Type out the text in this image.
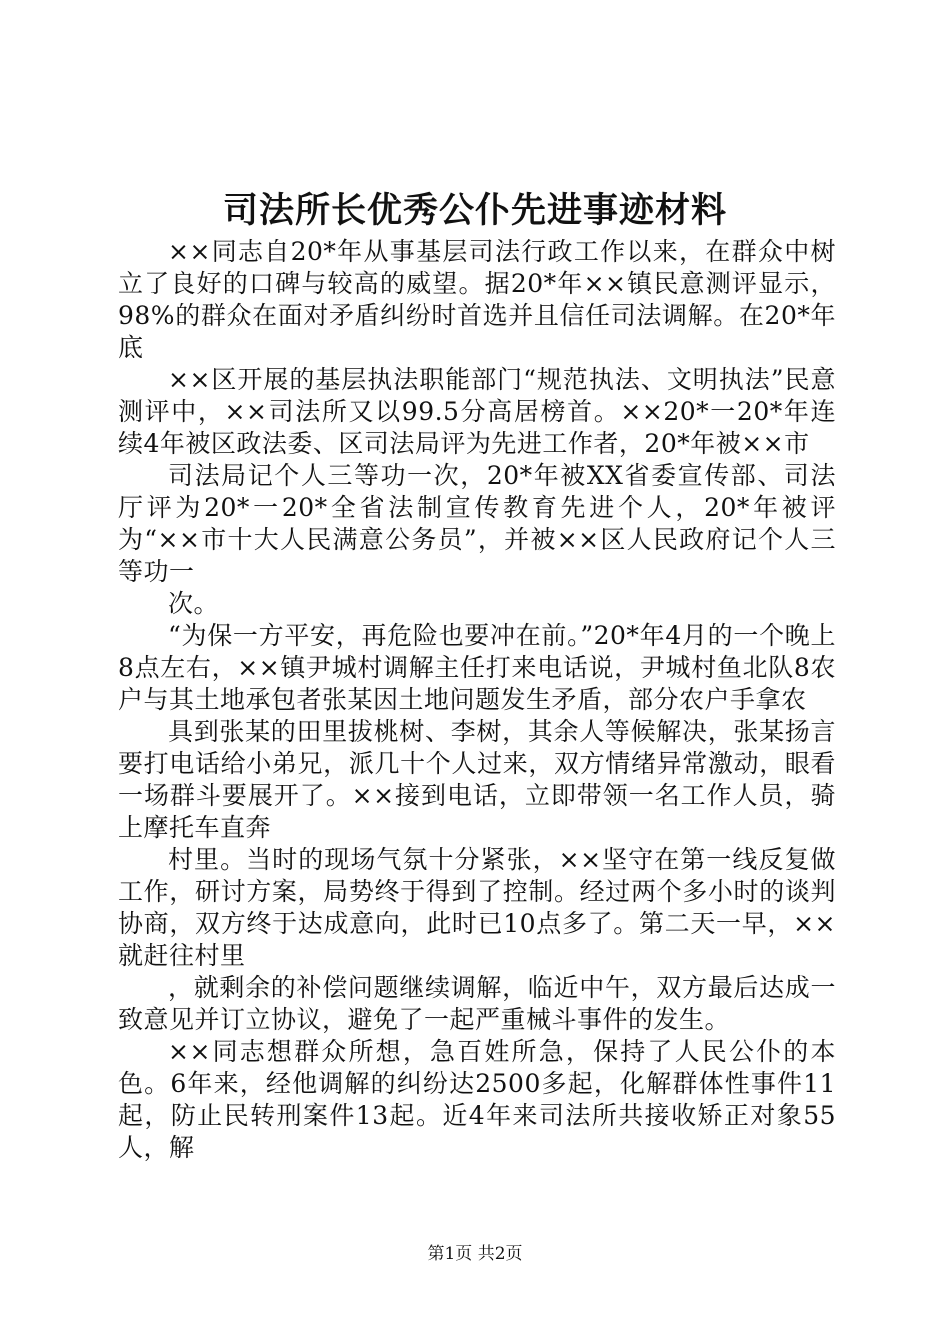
司法所长优秀公仆先进事迹材料

××同志自20*年从事基层司法行政工作以来，在群众中树立了良好的口碑与较高的威望。据20*年××镇民意测评显示，98%的群众在面对矛盾纠纷时首选并且信任司法调解。在20*年底

××区开展的基层执法职能部门“规范执法、文明执法”民意测评中，××司法所又以99.5分高居榜首。××20*一20*年连续4年被区政法委、区司法局评为先进工作者，20*年被××市

司法局记个人三等功一次，20*年被XX省委宣传部、司法厅评为20*一20*全省法制宣传教育先进个人，20*年被评为“××市十大人民满意公务员”，并被××区人民政府记个人三等功一

次。

“为保一方平安，再危险也要冲在前。”20*年4月的一个晚上8点左右，××镇尹城村调解主任打来电话说，尹城村鱼北队8农户与其土地承包者张某因土地问题发生矛盾，部分农户手拿农

具到张某的田里拔桃树、李树，其余人等候解决，张某扬言要打电话给小弟兄，派几十个人过来，双方情绪异常激动，眼看一场群斗要展开了。××接到电话，立即带领一名工作人员，骑上摩托车直奔

村里。当时的现场气氛十分紧张，××坚守在第一线反复做工作，研讨方案，局势终于得到了控制。经过两个多小时的谈判协商，双方终于达成意向，此时已10点多了。第二天一早，××就赶往村里

，就剩余的补偿问题继续调解，临近中午，双方最后达成一致意见并订立协议，避免了一起严重械斗事件的发生。

××同志想群众所想，急百姓所急，保持了人民公仆的本色。6年来，经他调解的纠纷达2500多起，化解群体性事件11起，防止民转刑案件13起。近4年来司法所共接收矫正对象55人，解

第1页 共2页
